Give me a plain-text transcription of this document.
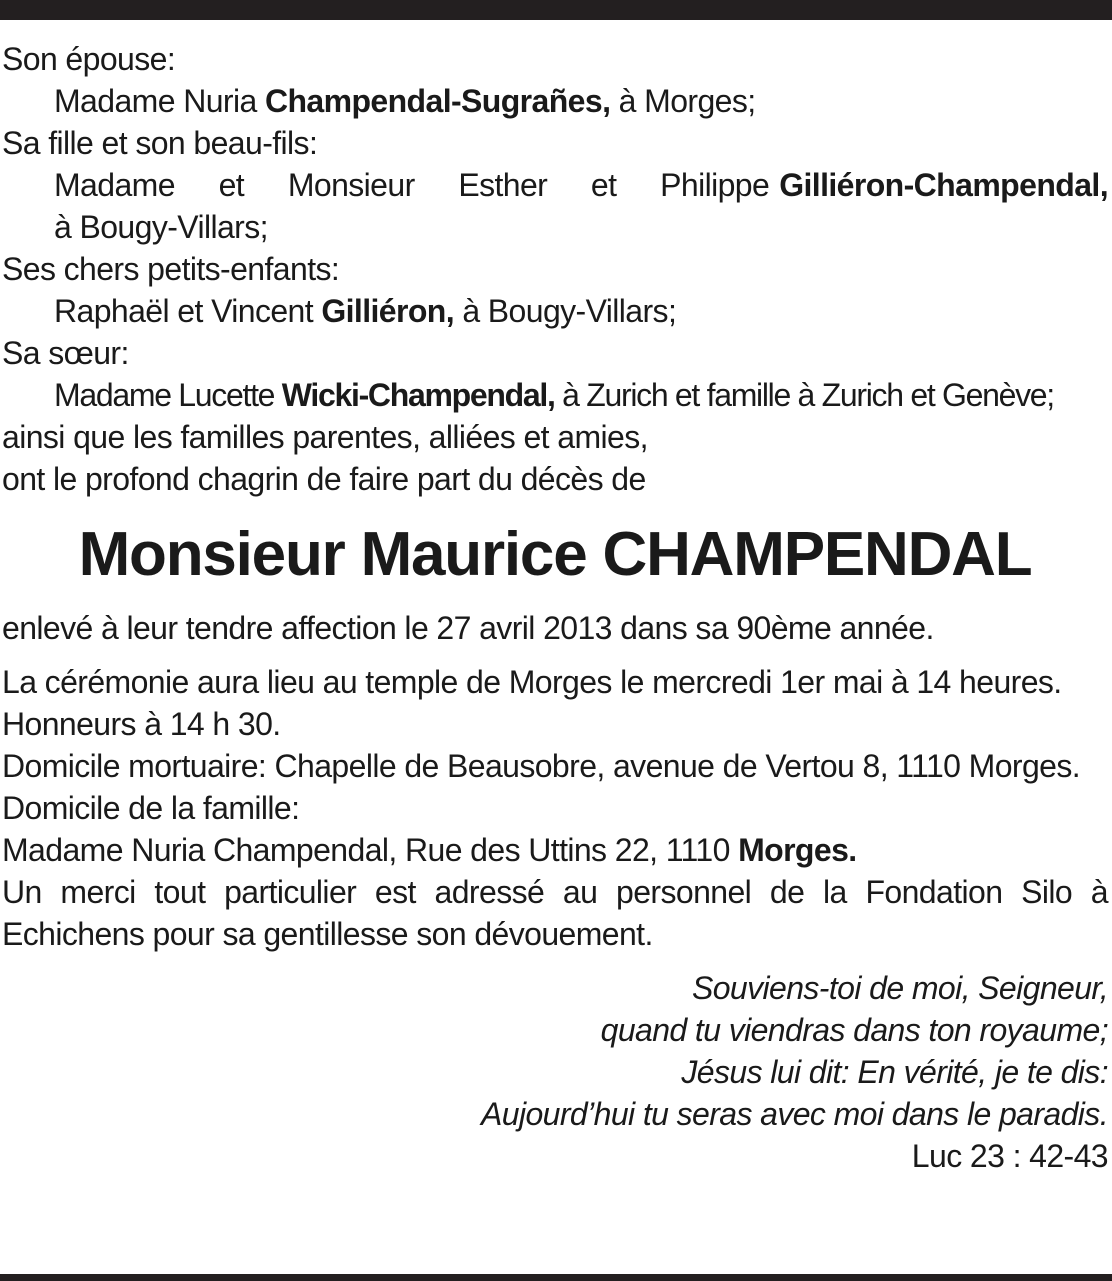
Son épouse:
Madame Nuria Champendal-Sugrañes, à Morges;
Sa fille et son beau-fils:
Madame et Monsieur Esther et Philippe Gilliéron-Champendal,
à Bougy-Villars;
Ses chers petits-enfants:
Raphaël et Vincent Gilliéron, à Bougy-Villars;
Sa sœur:
Madame Lucette Wicki-Champendal, à Zurich et famille à Zurich et Genève;
ainsi que les familles parentes, alliées et amies,
ont le profond chagrin de faire part du décès de
Monsieur Maurice CHAMPENDAL
enlevé à leur tendre affection le 27 avril 2013 dans sa 90ème année.
La cérémonie aura lieu au temple de Morges le mercredi 1er mai à 14 heures.
Honneurs à 14 h 30.
Domicile mortuaire: Chapelle de Beausobre, avenue de Vertou 8, 1110 Morges.
Domicile de la famille:
Madame Nuria Champendal, Rue des Uttins 22, 1110 Morges.
Un merci tout particulier est adressé au personnel de la Fondation Silo à Echichens pour sa gentillesse son dévouement.
Souviens-toi de moi, Seigneur,
quand tu viendras dans ton royaume;
Jésus lui dit: En vérité, je te dis:
Aujourd’hui tu seras avec moi dans le paradis.
Luc 23 : 42-43
